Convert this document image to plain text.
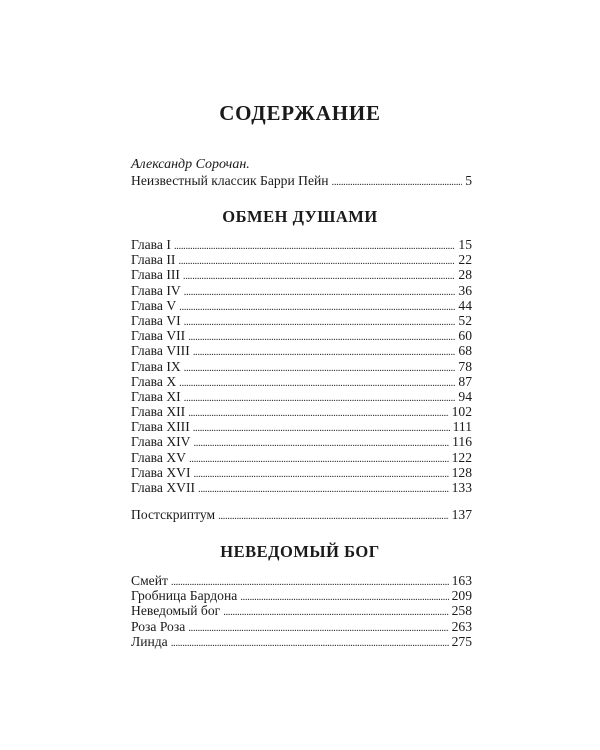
СОДЕРЖАНИЕ
Александр Сорочан.
Неизвестный классик Барри Пейн . . .	5
ОБМЕН ДУШАМИ
Глава I . . .	15
Глава II . . .	22
Глава III . . .	28
Глава IV . . .	36
Глава V . . .	44
Глава VI . . .	52
Глава VII . . .	60
Глава VIII . . .	68
Глава IX . . .	78
Глава X . . .	87
Глава XI . . .	94
Глава XII . . .	102
Глава XIII . . .	111
Глава XIV . . .	116
Глава XV . . .	122
Глава XVI . . .	128
Глава XVII . . .	133
Постскриптум . . .	137
НЕВЕДОМЫЙ БОГ
Смейт . . .	163
Гробница Бардона . . .	209
Неведомый бог . . .	258
Роза Роза . . .	263
Линда . . .	275
